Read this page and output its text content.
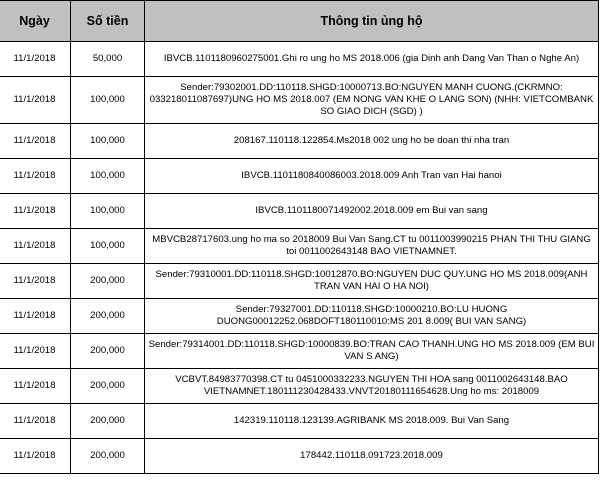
Ngày	Số tiền	Thông tin ủng hộ
11/1/2018	50,000	IBVCB.1101180960275001.Ghi ro ung ho MS 2018.006 (gia Dinh anh Dang Van Than o Nghe An)
11/1/2018	100,000	Sender:79302001.DD:110118.SHGD:10000713.BO:NGUYEN MANH CUONG.(CKRMNO: 0332180110876​97)UNG HO MS 2018.007 (EM NONG VAN KHE O LANG SON) (NHH: VIETCOMBANK SO GIAO DICH (SGD) )
11/1/2018	100,000	208167.110118.122854.Ms2018 002 ung ho be doan thi nha tran
11/1/2018	100,000	IBVCB.1101180840086003.2018.009 Anh Tran van Hai hanoi
11/1/2018	100,000	IBVCB.1101180071492002.2018.009 em Bui van sang
11/1/2018	100,000	MBVCB28717603.ung ho ma so 2018009 Bui Van Sang.CT tu 0011003990215 PHAN THI THU GIANG toi 0011002643148 BAO VIETNAMNET.
11/1/2018	200,000	Sender:79310001.DD:110118.SHGD:10012870.BO:NGUYEN DUC QUY.UNG HO MS 2018.009(ANH TRAN VAN HAI O HA NOI)
11/1/2018	200,000	Sender:79327001.DD:110118.SHGD:10000210.BO:LU HUONG DUONG00012252.068DOFT180110010:MS 201 8.009( BUI VAN SANG)
11/1/2018	200,000	Sender:79314001.DD:110118.SHGD:10000839.BO:TRAN CAO THANH.UNG HO MS 2018.009 (EM BUI VAN S ANG)
11/1/2018	200,000	VCBVT.84983770398.CT tu 0451000332233.NGUYEN THI HOA sang 0011002643148.BAO VIETNAMNET.180111230428433.VNVT20180111654628.Ung ho ms: 2018009
11/1/2018	200,000	142319.110118.123139.AGRIBANK MS 2018.009. Bui Van Sang
11/1/2018	200,000	178442.110118.091723.2018.009
